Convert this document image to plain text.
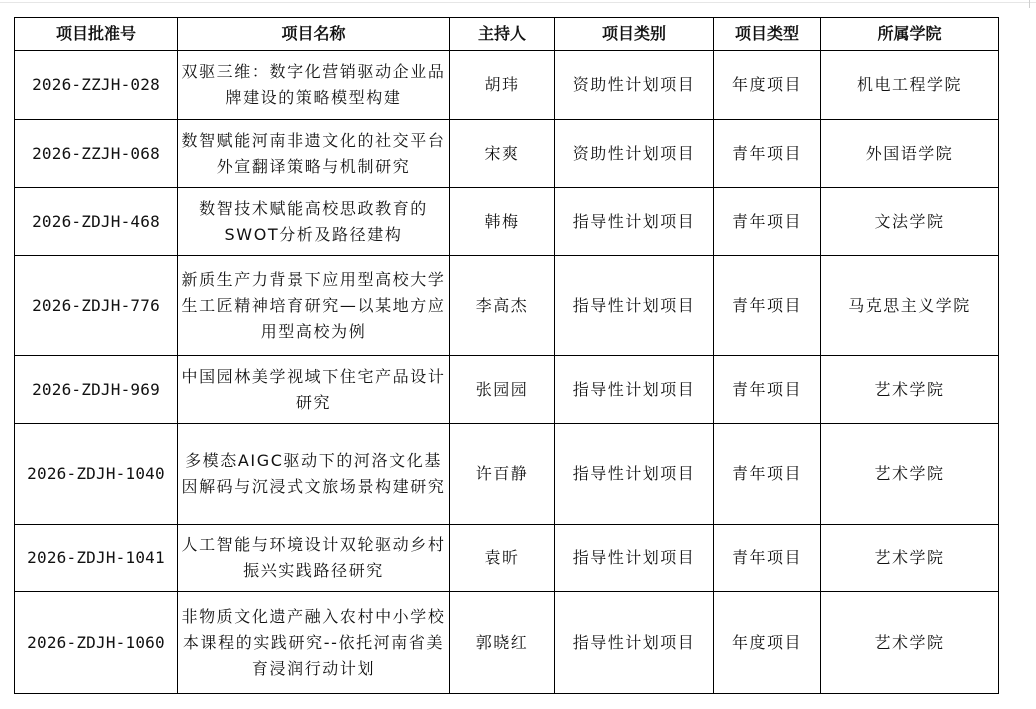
项目批准号	项目名称	主持人	项目类别	项目类型	所属学院
2026-ZZJH-028	双驱三维：数字化营销驱动企业品牌建设的策略模型构建	胡玮	资助性计划项目	年度项目	机电工程学院
2026-ZZJH-068	数智赋能河南非遗文化的社交平台外宣翻译策略与机制研究	宋爽	资助性计划项目	青年项目	外国语学院
2026-ZDJH-468	数智技术赋能高校思政教育的SWOT分析及路径建构	韩梅	指导性计划项目	青年项目	文法学院
2026-ZDJH-776	新质生产力背景下应用型高校大学生工匠精神培育研究—以某地方应用型高校为例	李高杰	指导性计划项目	青年项目	马克思主义学院
2026-ZDJH-969	中国园林美学视域下住宅产品设计研究	张园园	指导性计划项目	青年项目	艺术学院
2026-ZDJH-1040	多模态AIGC驱动下的河洛文化基因解码与沉浸式文旅场景构建研究	许百静	指导性计划项目	青年项目	艺术学院
2026-ZDJH-1041	人工智能与环境设计双轮驱动乡村振兴实践路径研究	袁昕	指导性计划项目	青年项目	艺术学院
2026-ZDJH-1060	非物质文化遗产融入农村中小学校本课程的实践研究--依托河南省美育浸润行动计划	郭晓红	指导性计划项目	年度项目	艺术学院
